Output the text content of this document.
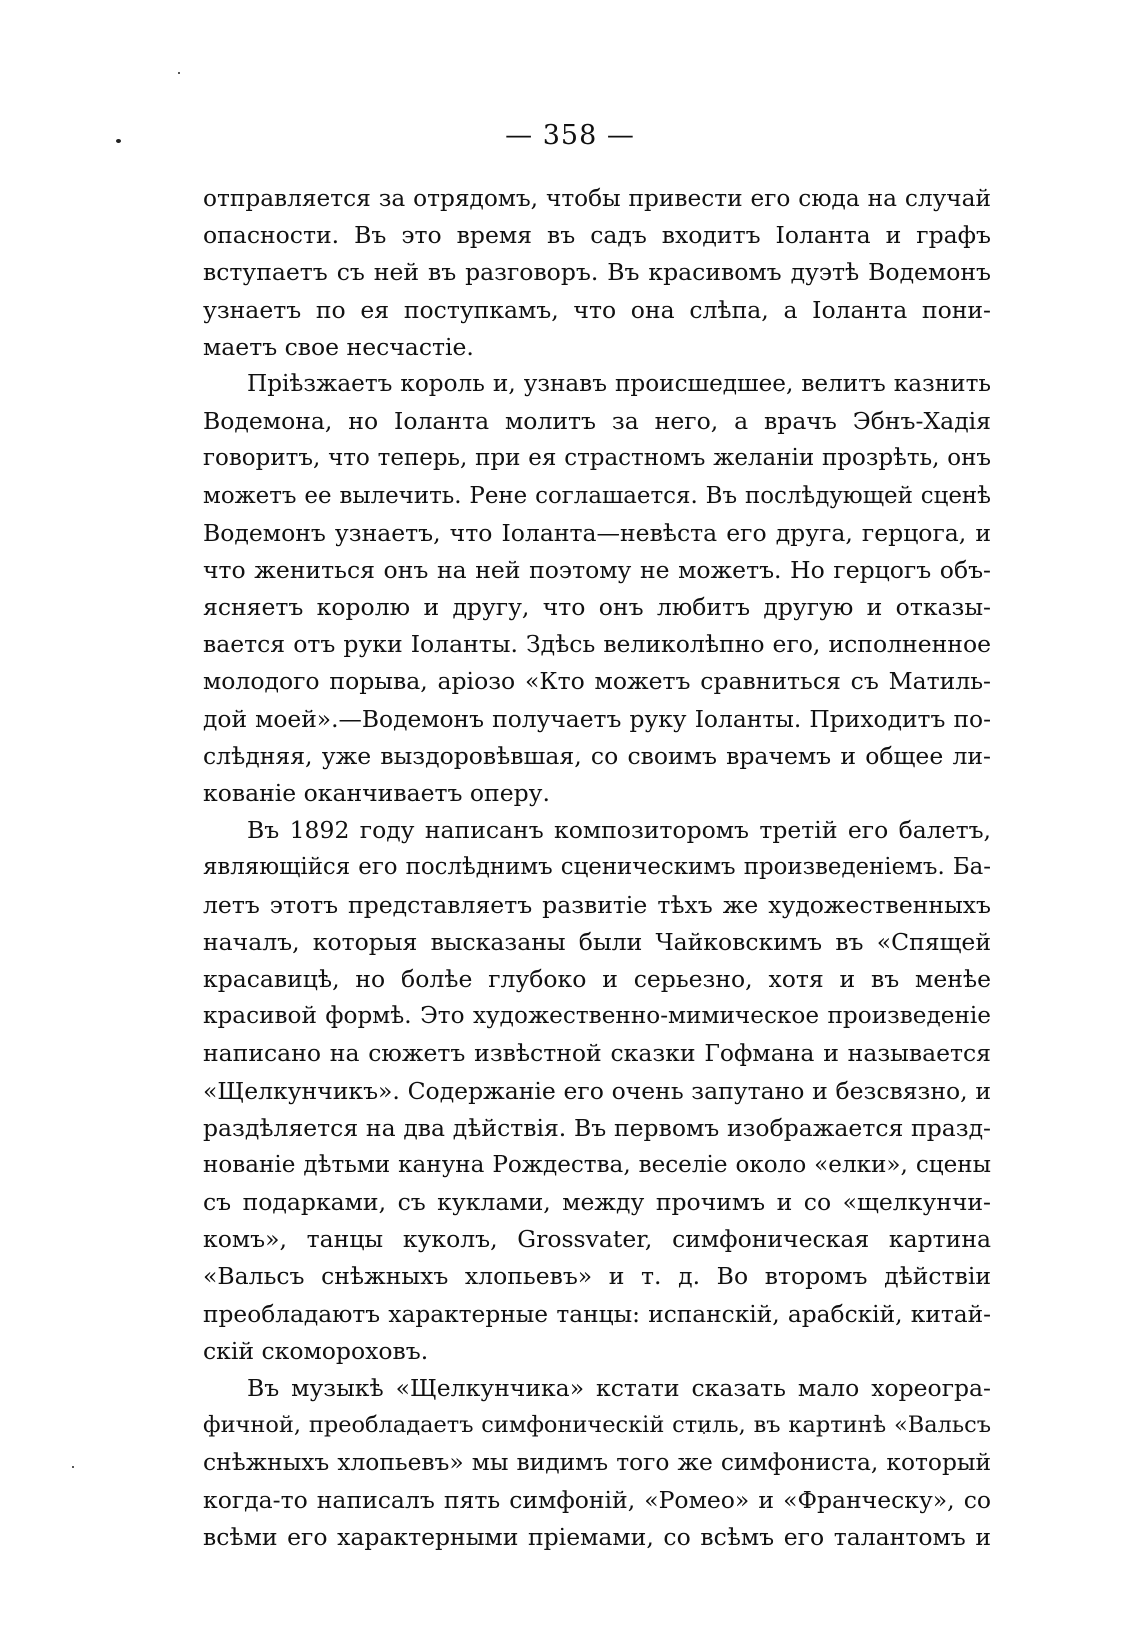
— 358 —
отправляется за отрядомъ, чтобы привести его сюда на случай
опасности. Въ это время въ садъ входитъ Іоланта и графъ
вступаетъ съ ней въ разговоръ. Въ красивомъ дуэтѣ Водемонъ
узнаетъ по ея поступкамъ, что она слѣпа, а Іоланта пони-
маетъ свое несчастіе.
Пріѣзжаетъ король и, узнавъ происшедшее, велитъ казнить
Водемона, но Іоланта молитъ за него, а врачъ Эбнъ-Хадія
говоритъ, что теперь, при ея страстномъ желаніи прозрѣть, онъ
можетъ ее вылечить. Рене соглашается. Въ послѣдующей сценѣ
Водемонъ узнаетъ, что Іоланта—невѣста его друга, герцога, и
что жениться онъ на ней поэтому не можетъ. Но герцогъ объ-
ясняетъ королю и другу, что онъ любитъ другую и отказы-
вается отъ руки Іоланты. Здѣсь великолѣпно его, исполненное
молодого порыва, аріозо «Кто можетъ сравниться съ Матиль-
дой моей».—Водемонъ получаетъ руку Іоланты. Приходитъ по-
слѣдняя, уже выздоровѣвшая, со своимъ врачемъ и общее ли-
кованіе оканчиваетъ оперу.
Въ 1892 году написанъ композиторомъ третій его балетъ,
являющійся его послѣднимъ сценическимъ произведеніемъ. Ба-
летъ этотъ представляетъ развитіе тѣхъ же художественныхъ
началъ, которыя высказаны были Чайковскимъ въ «Спящей
красавицѣ, но болѣе глубоко и серьезно, хотя и въ менѣе
красивой формѣ. Это художественно-мимическое произведеніе
написано на сюжетъ извѣстной сказки Гофмана и называется
«Щелкунчикъ». Содержаніе его очень запутано и безсвязно, и
раздѣляется на два дѣйствія. Въ первомъ изображается празд-
нованіе дѣтьми кануна Рождества, веселіе около «елки», сцены
съ подарками, съ куклами, между прочимъ и со «щелкунчи-
комъ», танцы куколъ, Grossvater, симфоническая картина
«Вальсъ снѣжныхъ хлопьевъ» и т. д. Во второмъ дѣйствіи
преобладаютъ характерные танцы: испанскій, арабскій, китай-
скій скомороховъ.
Въ музыкѣ «Щелкунчика» кстати сказать мало хореогра-
фичной, преобладаетъ симфоническій стиль, въ картинѣ «Вальсъ
снѣжныхъ хлопьевъ» мы видимъ того же симфониста, который
когда-то написалъ пять симфоній, «Ромео» и «Франческу», со
всѣми его характерными пріемами, со всѣмъ его талантомъ и
